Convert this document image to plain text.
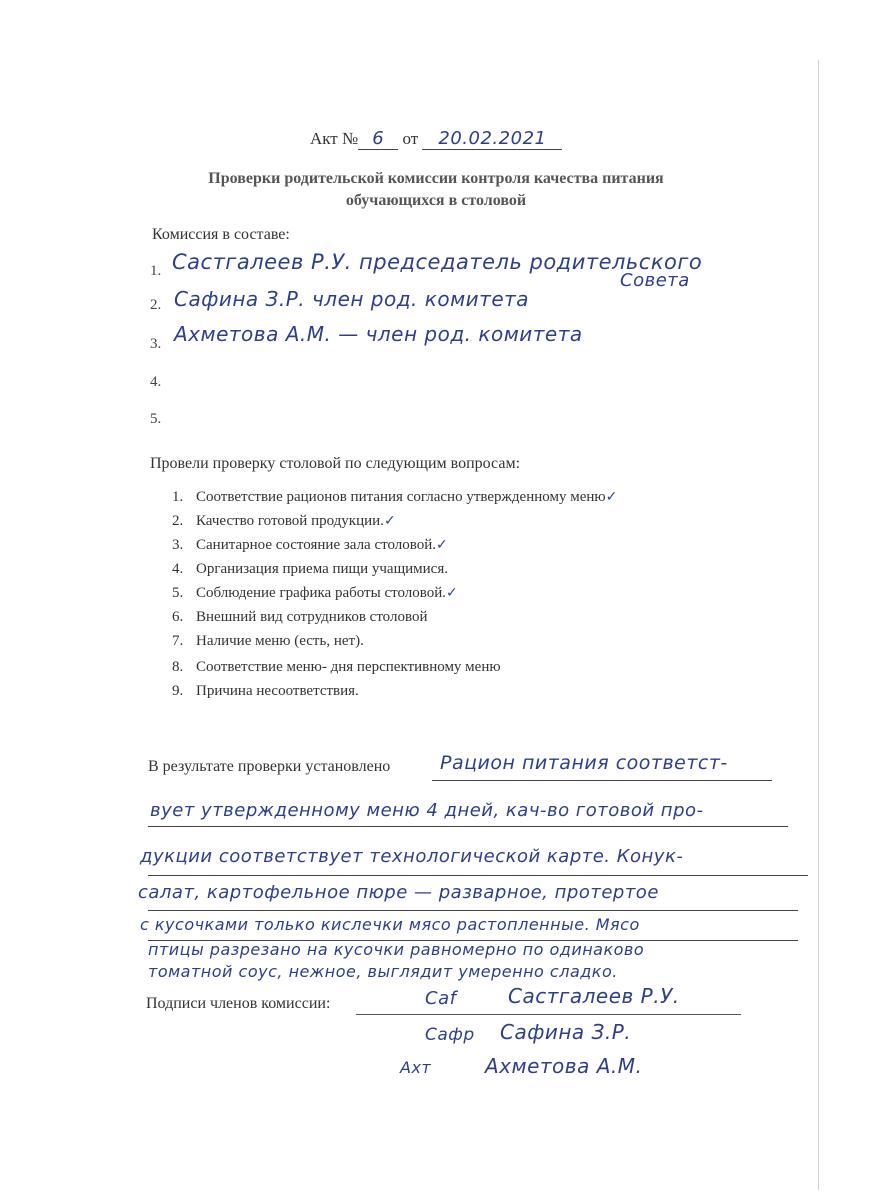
Акт № 6 от 20.02.2021
Проверки родительской комиссии контроля качества питания
обучающихся в столовой
Комиссия в составе:
1. Састгалеев Р.У. председатель родительского
Совета
2. Сафина З.Р. член род. комитета
3. Ахметова А.М. — член род. комитета
4.
5.
Провели проверку столовой по следующим вопросам:
1. Соответствие рационов питания согласно утвержденному меню✓
2. Качество готовой продукции.✓
3. Санитарное состояние зала столовой.✓
4. Организация приема пищи учащимися.
5. Соблюдение графика работы столовой.✓
6. Внешний вид сотрудников столовой
7. Наличие меню (есть, нет).
8. Соответствие меню- дня перспективному меню
9. Причина несоответствия.
В результате проверки установлено	Рацион питания соответст-
вует утвержденному меню 4 дней, кач-во готовой про-
дукции соответствует технологической карте. Конук-
салат, картофельное пюре — разварное, протертое
с кусочками только кислечки мясо растопленные. Мясо
птицы разрезано на кусочки равномерно по одинаково
томатной соус, нежное, выглядит умеренно сладко.
Подписи членов комиссии:	Саf	Састгалеев Р.У.
Сафр Сафина З.Р.
Ахт	Ахметова А.М.
